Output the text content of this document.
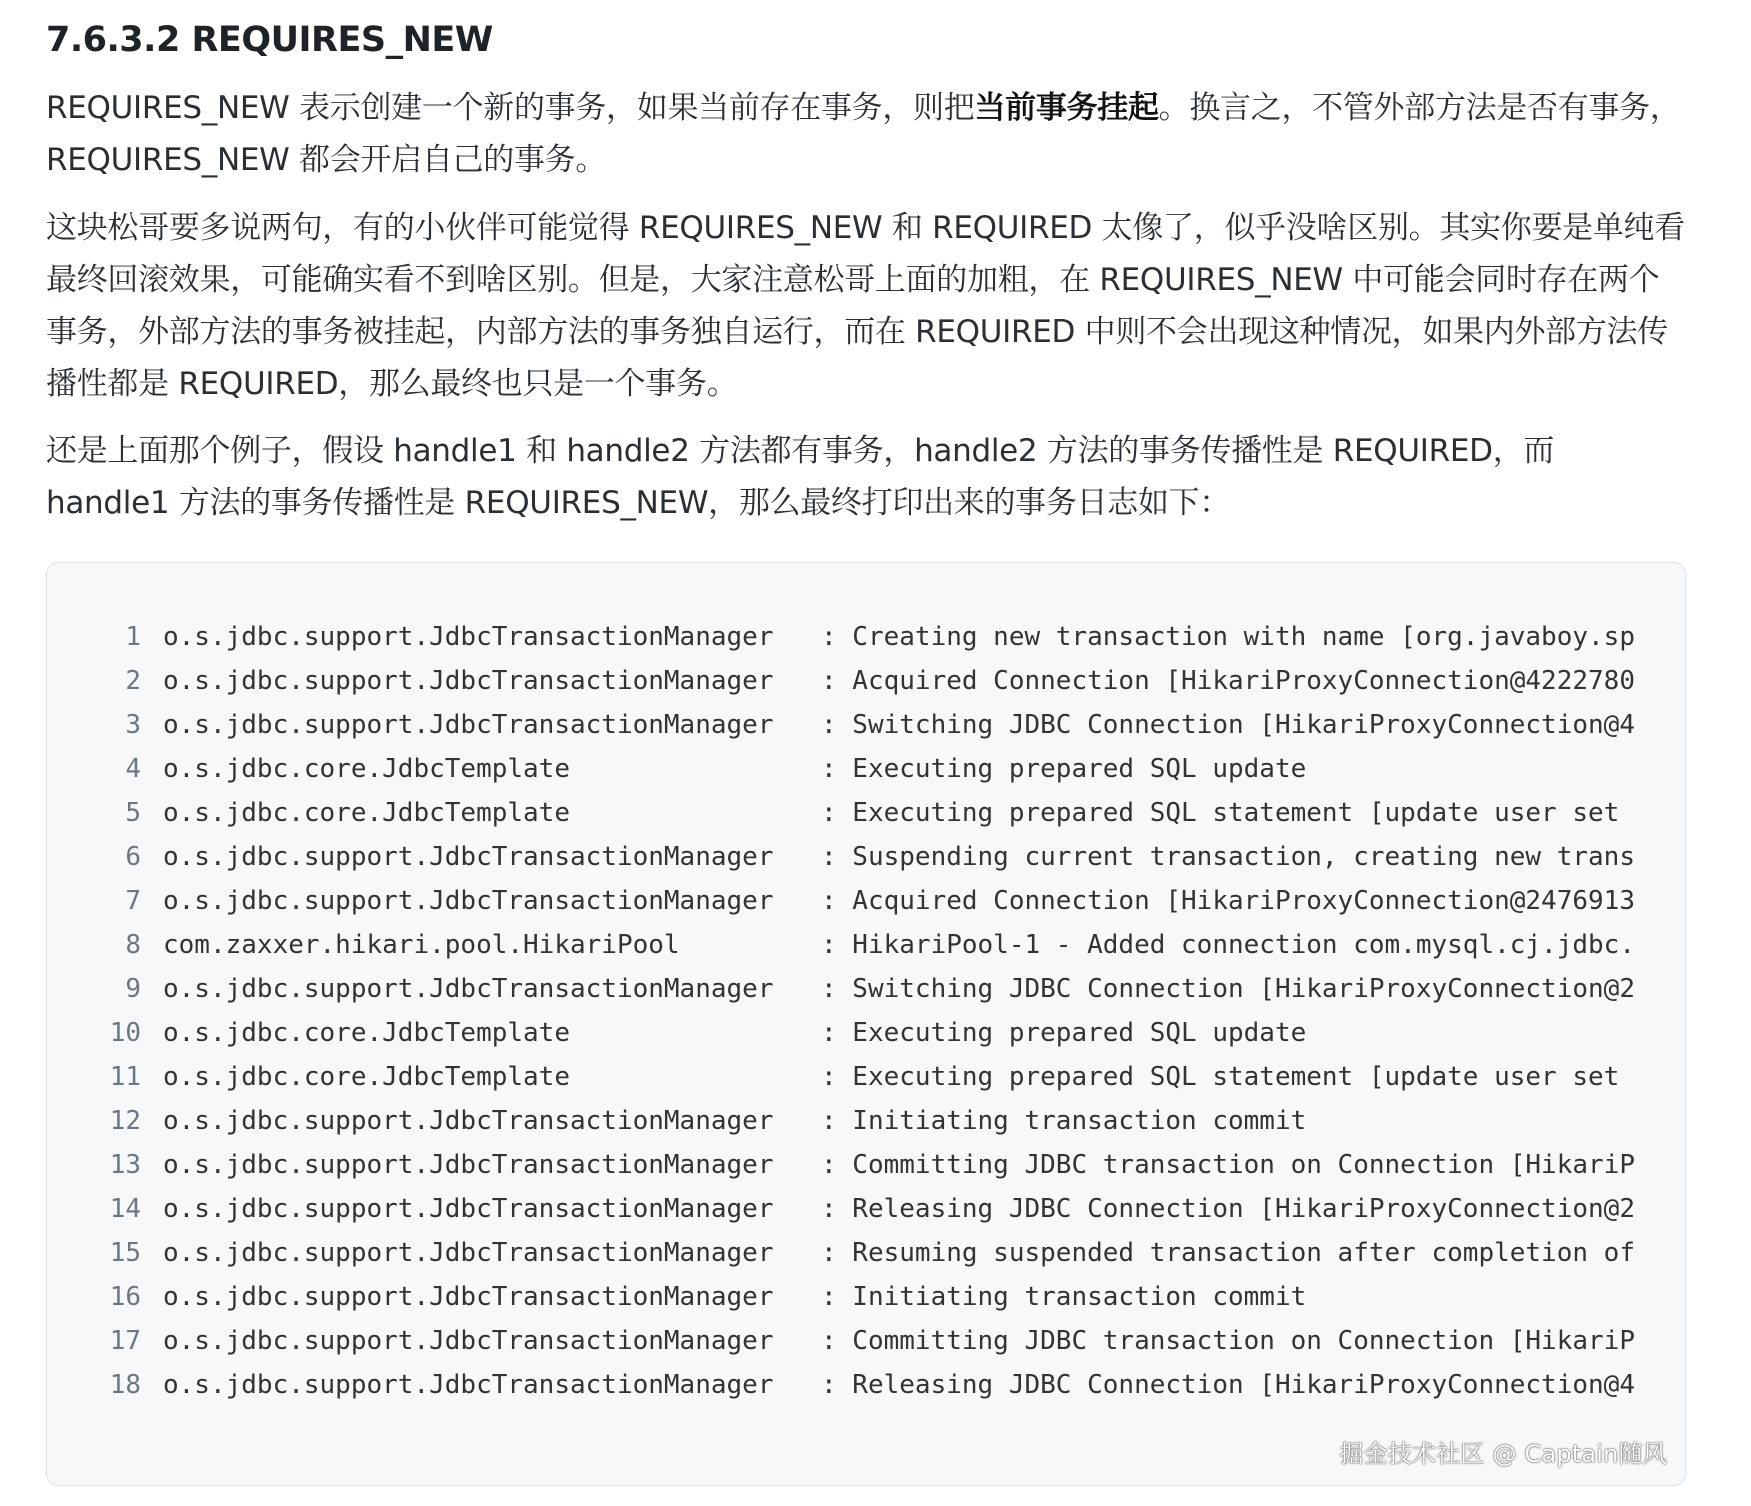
7.6.3.2 REQUIRES_NEW

REQUIRES_NEW 表示创建一个新的事务，如果当前存在事务，则把当前事务挂起。换言之，不管外部方法是否有事务，REQUIRES_NEW 都会开启自己的事务。

这块松哥要多说两句，有的小伙伴可能觉得 REQUIRES_NEW 和 REQUIRED 太像了，似乎没啥区别。其实你要是单纯看最终回滚效果，可能确实看不到啥区别。但是，大家注意松哥上面的加粗，在 REQUIRES_NEW 中可能会同时存在两个事务，外部方法的事务被挂起，内部方法的事务独自运行，而在 REQUIRED 中则不会出现这种情况，如果内外部方法传播性都是 REQUIRED，那么最终也只是一个事务。

还是上面那个例子，假设 handle1 和 handle2 方法都有事务，handle2 方法的事务传播性是 REQUIRED，而 handle1 方法的事务传播性是 REQUIRES_NEW，那么最终打印出来的事务日志如下：

1 o.s.jdbc.support.JdbcTransactionManager : Creating new transaction with name [org.javaboy.sp
2 o.s.jdbc.support.JdbcTransactionManager : Acquired Connection [HikariProxyConnection@4222780
3 o.s.jdbc.support.JdbcTransactionManager : Switching JDBC Connection [HikariProxyConnection@4
4 o.s.jdbc.core.JdbcTemplate	: Executing prepared SQL update
5 o.s.jdbc.core.JdbcTemplate	: Executing prepared SQL statement [update user set
6 o.s.jdbc.support.JdbcTransactionManager : Suspending current transaction, creating new trans
7 o.s.jdbc.support.JdbcTransactionManager : Acquired Connection [HikariProxyConnection@2476913
8 com.zaxxer.hikari.pool.HikariPool	: HikariPool-1 - Added connection com.mysql.cj.jdbc.
9 o.s.jdbc.support.JdbcTransactionManager : Switching JDBC Connection [HikariProxyConnection@2
10 o.s.jdbc.core.JdbcTemplate	: Executing prepared SQL update
11 o.s.jdbc.core.JdbcTemplate	: Executing prepared SQL statement [update user set
12 o.s.jdbc.support.JdbcTransactionManager : Initiating transaction commit
13 o.s.jdbc.support.JdbcTransactionManager : Committing JDBC transaction on Connection [HikariP
14 o.s.jdbc.support.JdbcTransactionManager : Releasing JDBC Connection [HikariProxyConnection@2
15 o.s.jdbc.support.JdbcTransactionManager : Resuming suspended transaction after completion of
16 o.s.jdbc.support.JdbcTransactionManager : Initiating transaction commit
17 o.s.jdbc.support.JdbcTransactionManager : Committing JDBC transaction on Connection [HikariP
18 o.s.jdbc.support.JdbcTransactionManager : Releasing JDBC Connection [HikariProxyConnection@4
掘金技术社区 @ Captain随风
